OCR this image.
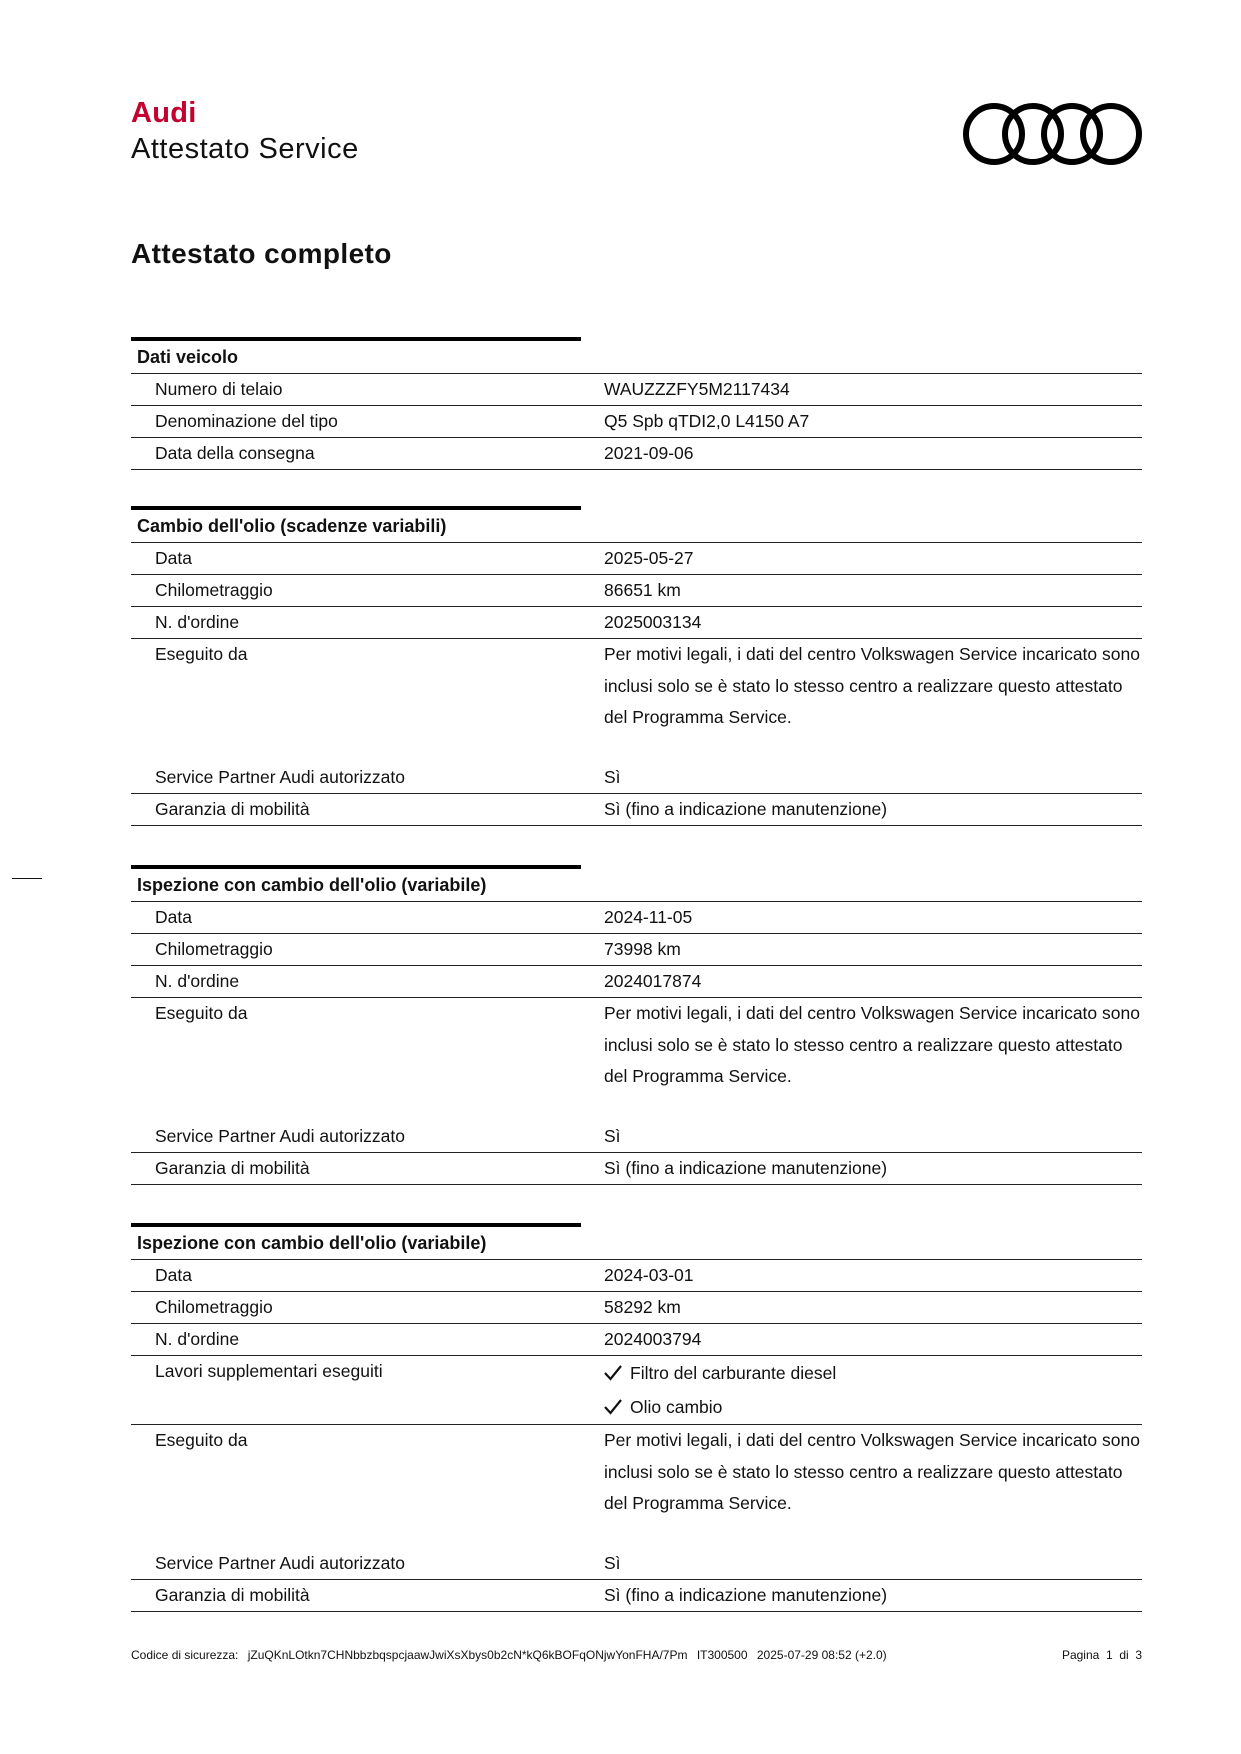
Audi
Attestato Service
Attestato completo
Dati veicolo
Numero di telaio	WAUZZZFY5M2117434
Denominazione del tipo	Q5 Spb qTDI2,0 L4150 A7
Data della consegna	2021-09-06
Cambio dell'olio (scadenze variabili)
Data	2025-05-27
Chilometraggio	86651 km
N. d'ordine	2025003134
Eseguito da	Per motivi legali, i dati del centro Volkswagen Service incaricato sono inclusi solo se è stato lo stesso centro a realizzare questo attestato del Programma Service.
Service Partner Audi autorizzato	Sì
Garanzia di mobilità	Sì (fino a indicazione manutenzione)
Ispezione con cambio dell'olio (variabile)
Data	2024-11-05
Chilometraggio	73998 km
N. d'ordine	2024017874
Eseguito da	Per motivi legali, i dati del centro Volkswagen Service incaricato sono inclusi solo se è stato lo stesso centro a realizzare questo attestato del Programma Service.
Service Partner Audi autorizzato	Sì
Garanzia di mobilità	Sì (fino a indicazione manutenzione)
Ispezione con cambio dell'olio (variabile)
Data	2024-03-01
Chilometraggio	58292 km
N. d'ordine	2024003794
Lavori supplementari eseguiti	Filtro del carburante diesel
Olio cambio
Eseguito da	Per motivi legali, i dati del centro Volkswagen Service incaricato sono inclusi solo se è stato lo stesso centro a realizzare questo attestato del Programma Service.
Service Partner Audi autorizzato	Sì
Garanzia di mobilità	Sì (fino a indicazione manutenzione)
Codice di sicurezza: jZuQKnLOtkn7CHNbbzbqspcjaawJwiXsXbys0b2cN*kQ6kBOFqONjwYonFHA/7Pm IT300500 2025-07-29 08:52 (+2.0)	Pagina  1  di  3
